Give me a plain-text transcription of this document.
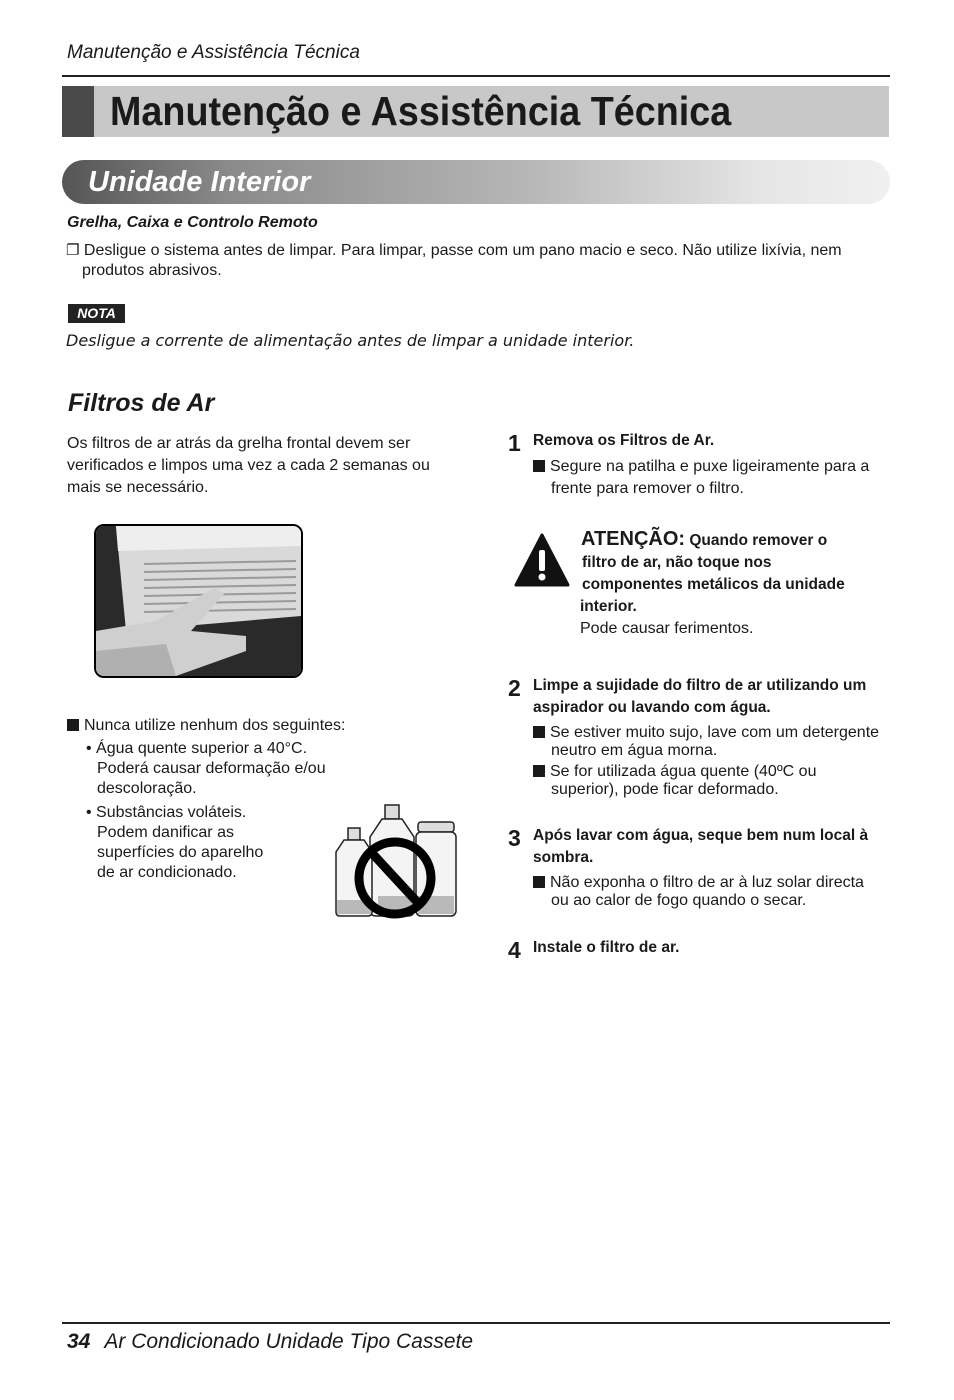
Manutenção e Assistência Técnica
Manutenção e Assistência Técnica
Unidade Interior
Grelha, Caixa e Controlo Remoto
❐ Desligue o sistema antes de limpar. Para limpar, passe com um pano macio e seco. Não utilize lixívia, nem
produtos abrasivos.
NOTA
Desligue a corrente de alimentação antes de limpar a unidade interior.
Filtros de Ar
Os filtros de ar atrás da grelha frontal devem ser
verificados e limpos uma vez a cada 2 semanas ou
mais se necessário.
Nunca utilize nenhum dos seguintes:
• Água quente superior a 40°C.
Poderá causar deformação e/ou
descoloração.
• Substâncias voláteis.
Podem danificar as
superfícies do aparelho
de ar condicionado.
1 Remova os Filtros de Ar.
Segure na patilha e puxe ligeiramente para a
frente para remover o filtro.
ATENÇÃO: Quando remover o
filtro de ar, não toque nos
componentes metálicos da unidade
interior.
Pode causar ferimentos.
2 Limpe a sujidade do filtro de ar utilizando um
aspirador ou lavando com água.
Se estiver muito sujo, lave com um detergente
neutro em água morna.
Se for utilizada água quente (40ºC ou
superior), pode ficar deformado.
3 Após lavar com água, seque bem num local à
sombra.
Não exponha o filtro de ar à luz solar directa
ou ao calor de fogo quando o secar.
4 Instale o filtro de ar.
34 Ar Condicionado Unidade Tipo Cassete
